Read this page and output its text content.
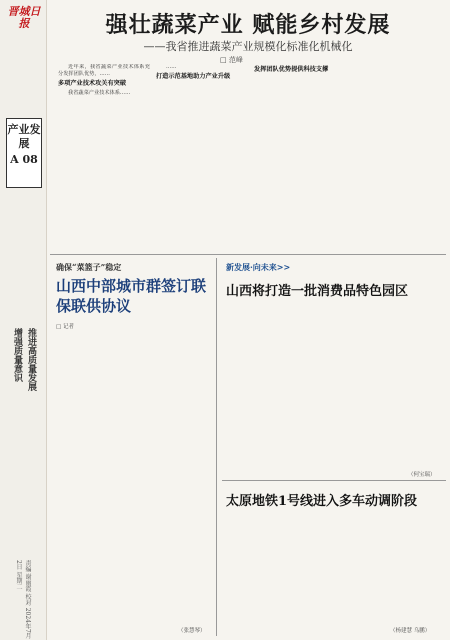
晋城日报
产业发展
A 08
增强质量意识 推进高质量发展
责编 谢丽霞 校对 2024年7月2日 星期二
强壮蔬菜产业 赋能乡村发展
——我省推进蔬菜产业规模化标准化机械化
□ 范峰

近年来，我省蔬菜产业技术体系充分发挥团队优势，……

多项产业技术攻关有突破

我省蔬菜产业技术体系……

……

打造示范基地助力产业升级

发挥团队优势提供科技支撑

确保“菜篮子”稳定
山西中部城市群签订联保联供协议
□ 记者
（张慧琴）
新发展·向未来>>
山西将打造一批消费品特色园区
（何宝瑞）
太原地铁1号线进入多车动调阶段
（杨建慧 乌鹏）
